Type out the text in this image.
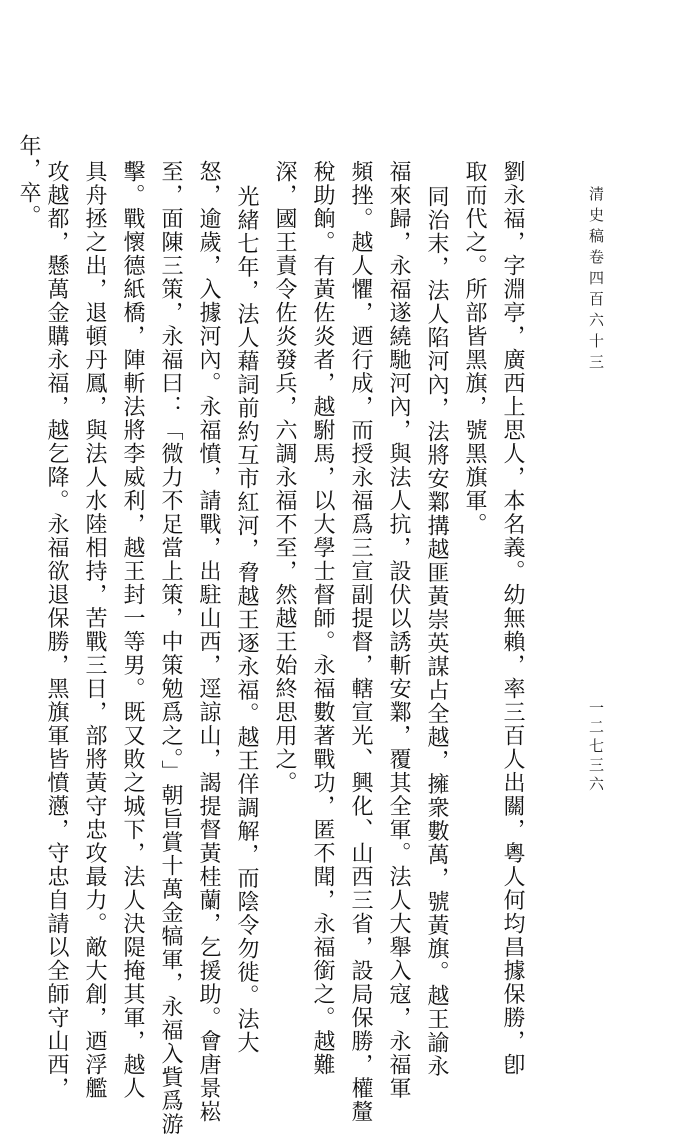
清史稿卷四百六十三
一二七三六
劉永福，字淵亭，廣西上思人，本名義。幼無賴，率三百人出關，粵人何均昌據保勝，卽
取而代之。所部皆黑旗，號黑旗軍。
同治末，法人陷河內，法將安鄴搆越匪黃崇英謀占全越，擁衆數萬，號黃旗。越王諭永
福來歸，永福遂繞馳河內，與法人抗，設伏以誘斬安鄴，覆其全軍。法人大舉入寇，永福軍
頻挫。越人懼，迺行成，而授永福爲三宣副提督，轄宣光、興化、山西三省，設局保勝，權釐
稅助餉。有黃佐炎者，越駙馬，以大學士督師。永福數著戰功，匿不聞，永福銜之。越難
深，國王責令佐炎發兵，六調永福不至，然越王始終思用之。
光緒七年，法人藉詞前約互市紅河，脅越王逐永福。越王佯調解，而陰令勿徙。法大
怒，逾歲，入據河內。永福憤，請戰，出駐山西，逕諒山，謁提督黃桂蘭，乞援助。會唐景崧
至，面陳三策，永福曰：「微力不足當上策，中策勉爲之。」朝旨賞十萬金犒軍，永福入貲爲游
擊。戰懷德紙橋，陣斬法將李威利，越王封一等男。既又敗之城下，法人決隄掩其軍，越人
具舟拯之出，退頓丹鳳，與法人水陸相持，苦戰三日，部將黃守忠攻最力。敵大創，迺浮艦
攻越都，懸萬金購永福，越乞降。永福欲退保勝，黑旗軍皆憤懣，守忠自請以全師守山西，
年，卒。
